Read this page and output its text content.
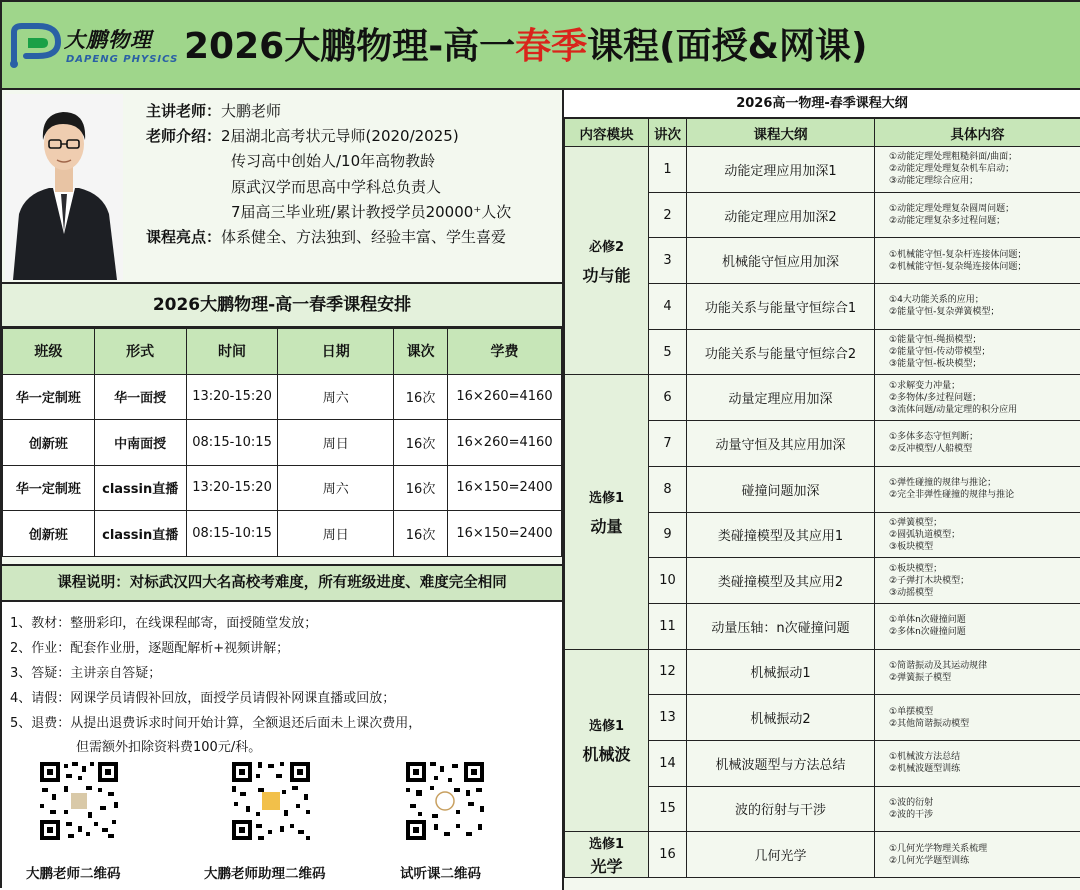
大鹏物理
DAPENG PHYSICS 2026大鹏物理-高一春季课程(面授&网课)
主讲老师：大鹏老师
老师介绍：2届湖北高考状元导师(2020/2025)
传习高中创始人/10年高物教龄
原武汉学而思高中学科总负责人
7届高三毕业班/累计教授学员20000⁺人次
课程亮点：体系健全、方法独到、经验丰富、学生喜爱
2026大鹏物理-高一春季课程安排
班级	形式	时间	日期	课次	学费
华一定制班	华一面授	13:20-15:20	周六	16次	16×260=4160
创新班	中南面授	08:15-10:15	周日	16次	16×260=4160
华一定制班	classin直播	13:20-15:20	周六	16次	16×150=2400
创新班	classin直播	08:15-10:15	周日	16次	16×150=2400
课程说明：对标武汉四大名高校考难度，所有班级进度、难度完全相同
1、教材：整册彩印，在线课程邮寄，面授随堂发放；
2、作业：配套作业册，逐题配解析+视频讲解；
3、答疑：主讲亲自答疑；
4、请假：网课学员请假补回放，面授学员请假补网课直播或回放；
5、退费：从提出退费诉求时间开始计算，全额退还后面未上课次费用，
但需额外扣除资料费100元/科。
大鹏老师二维码	大鹏老师助理二维码	试听课二维码
2026高一物理-春季课程大纲
内容模块	讲次	课程大纲	具体内容

必修2
功与能	1	动能定理应用加深1	①动能定理处理粗糙斜面/曲面；
②动能定理处理复杂机车启动；
③动能定理综合应用；

	2	动能定理应用加深2	①动能定理处理复杂圆周问题；
②动能定理复杂多过程问题；

	3	机械能守恒应用加深	①机械能守恒-复杂杆连接体问题；
②机械能守恒-复杂绳连接体问题；

	4	功能关系与能量守恒综合1	①4大功能关系的应用；
②能量守恒-复杂弹簧模型；

	5	功能关系与能量守恒综合2	①能量守恒-绳损模型；
②能量守恒-传动带模型；
③能量守恒-板块模型；

选修1
动量	6	动量定理应用加深	①求解变力冲量；
②多物体/多过程问题；
③流体问题/动量定理的积分应用

	7	动量守恒及其应用加深	①多体多态守恒判断；
②反冲模型/人船模型

	8	碰撞问题加深	①弹性碰撞的规律与推论；
②完全非弹性碰撞的规律与推论

	9	类碰撞模型及其应用1	①弹簧模型；
②圆弧轨道模型；
③板块模型

	10	类碰撞模型及其应用2	①板块模型；
②子弹打木块模型；
③动摇模型

	11	动量压轴：n次碰撞问题	①单体n次碰撞问题
②多体n次碰撞问题

选修1
机械波	12	机械振动1	①简谐振动及其运动规律
②弹簧振子模型

	13	机械振动2	①单摆模型
②其他简谐振动模型

	14	机械波题型与方法总结	①机械波方法总结
②机械波题型训练

	15	波的衍射与干涉	①波的衍射
②波的干涉

选修1
光学	16	几何光学	①几何光学物理关系梳理
②几何光学题型训练
